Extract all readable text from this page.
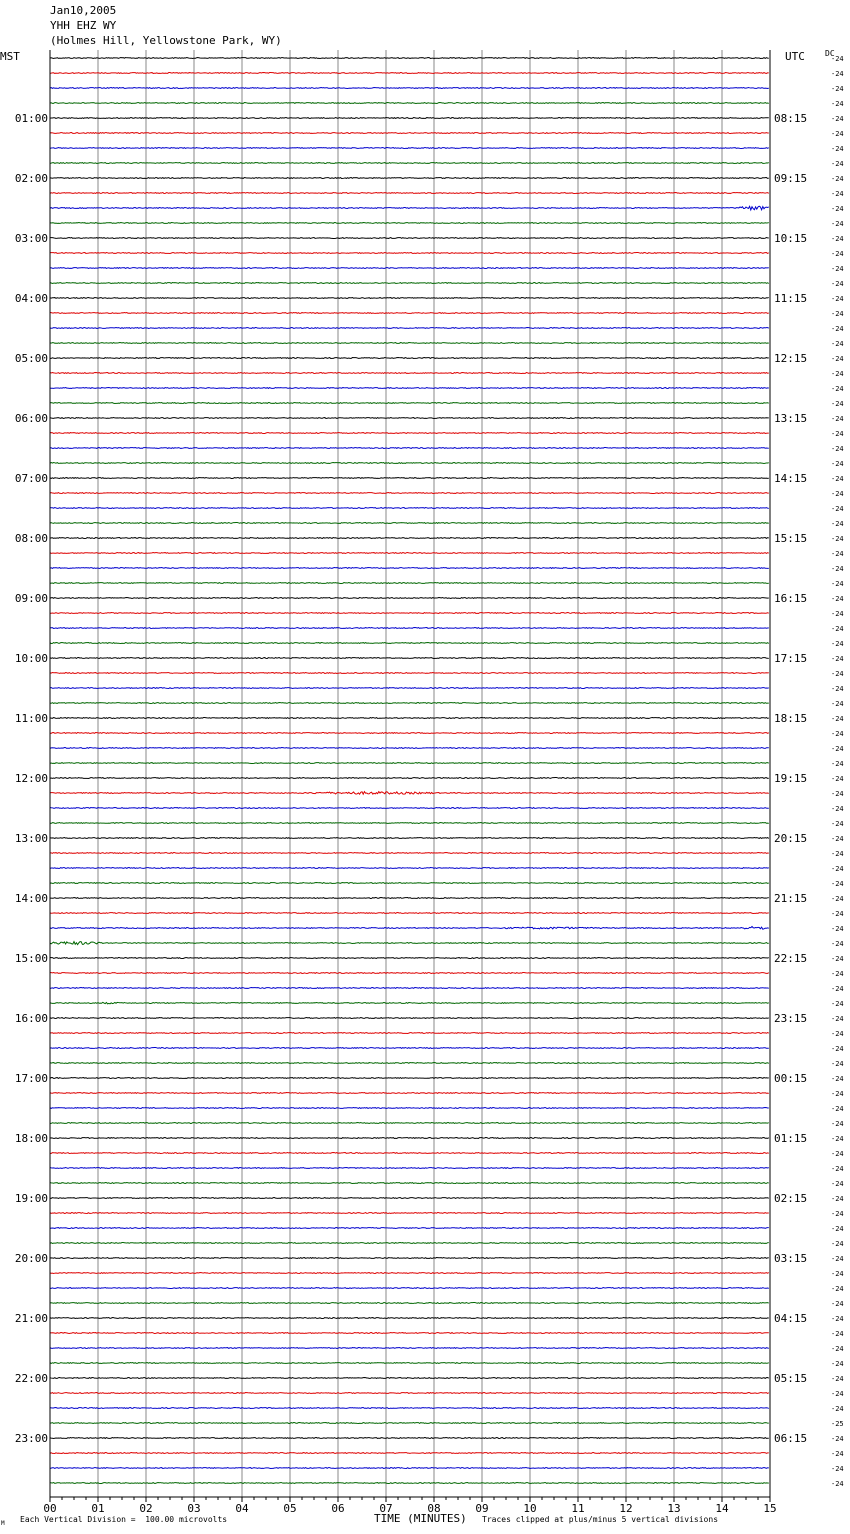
Jan10,2005
YHH EHZ WY
(Holmes Hill, Yellowstone Park, WY)
MST	UTC	DC
01:00
02:00
03:00
04:00
05:00
06:00
07:00
08:00
09:00
10:00
11:00
12:00
13:00
14:00
15:00
16:00
17:00
18:00
19:00
20:00
21:00
22:00
23:00
08:15
09:15
10:15
11:15
12:15
13:15
14:15
15:15
16:15
17:15
18:15
19:15
20:15
21:15
22:15
23:15
00:15
01:15
02:15
03:15
04:15
05:15
06:15
-24
-24
-24
-24
-24
-24
-24
-24
-24
-24
-24
-24
-24
-24
-24
-24
-24
-24
-24
-24
-24
-24
-24
-24
-24
-24
-24
-24
-24
-24
-24
-24
-24
-24
-24
-24
-24
-24
-24
-24
-24
-24
-24
-24
-24
-24
-24
-24
-24
-24
-24
-24
-24
-24
-24
-24
-24
-24
-24
-24
-24
-24
-24
-24
-24
-24
-24
-24
-24
-24
-24
-24
-24
-24
-24
-24
-24
-24
-24
-24
-24
-24
-24
-24
-24
-24
-24
-24
-24
-24
-24
-25
-24
-24
-24
-24
00	01	02	03	04	05	06	07	08	09	10	11	12	13	14	15
TIME (MINUTES)
Each Vertical Division =  100.00 microvolts	Traces clipped at plus/minus 5 vertical divisions
M
